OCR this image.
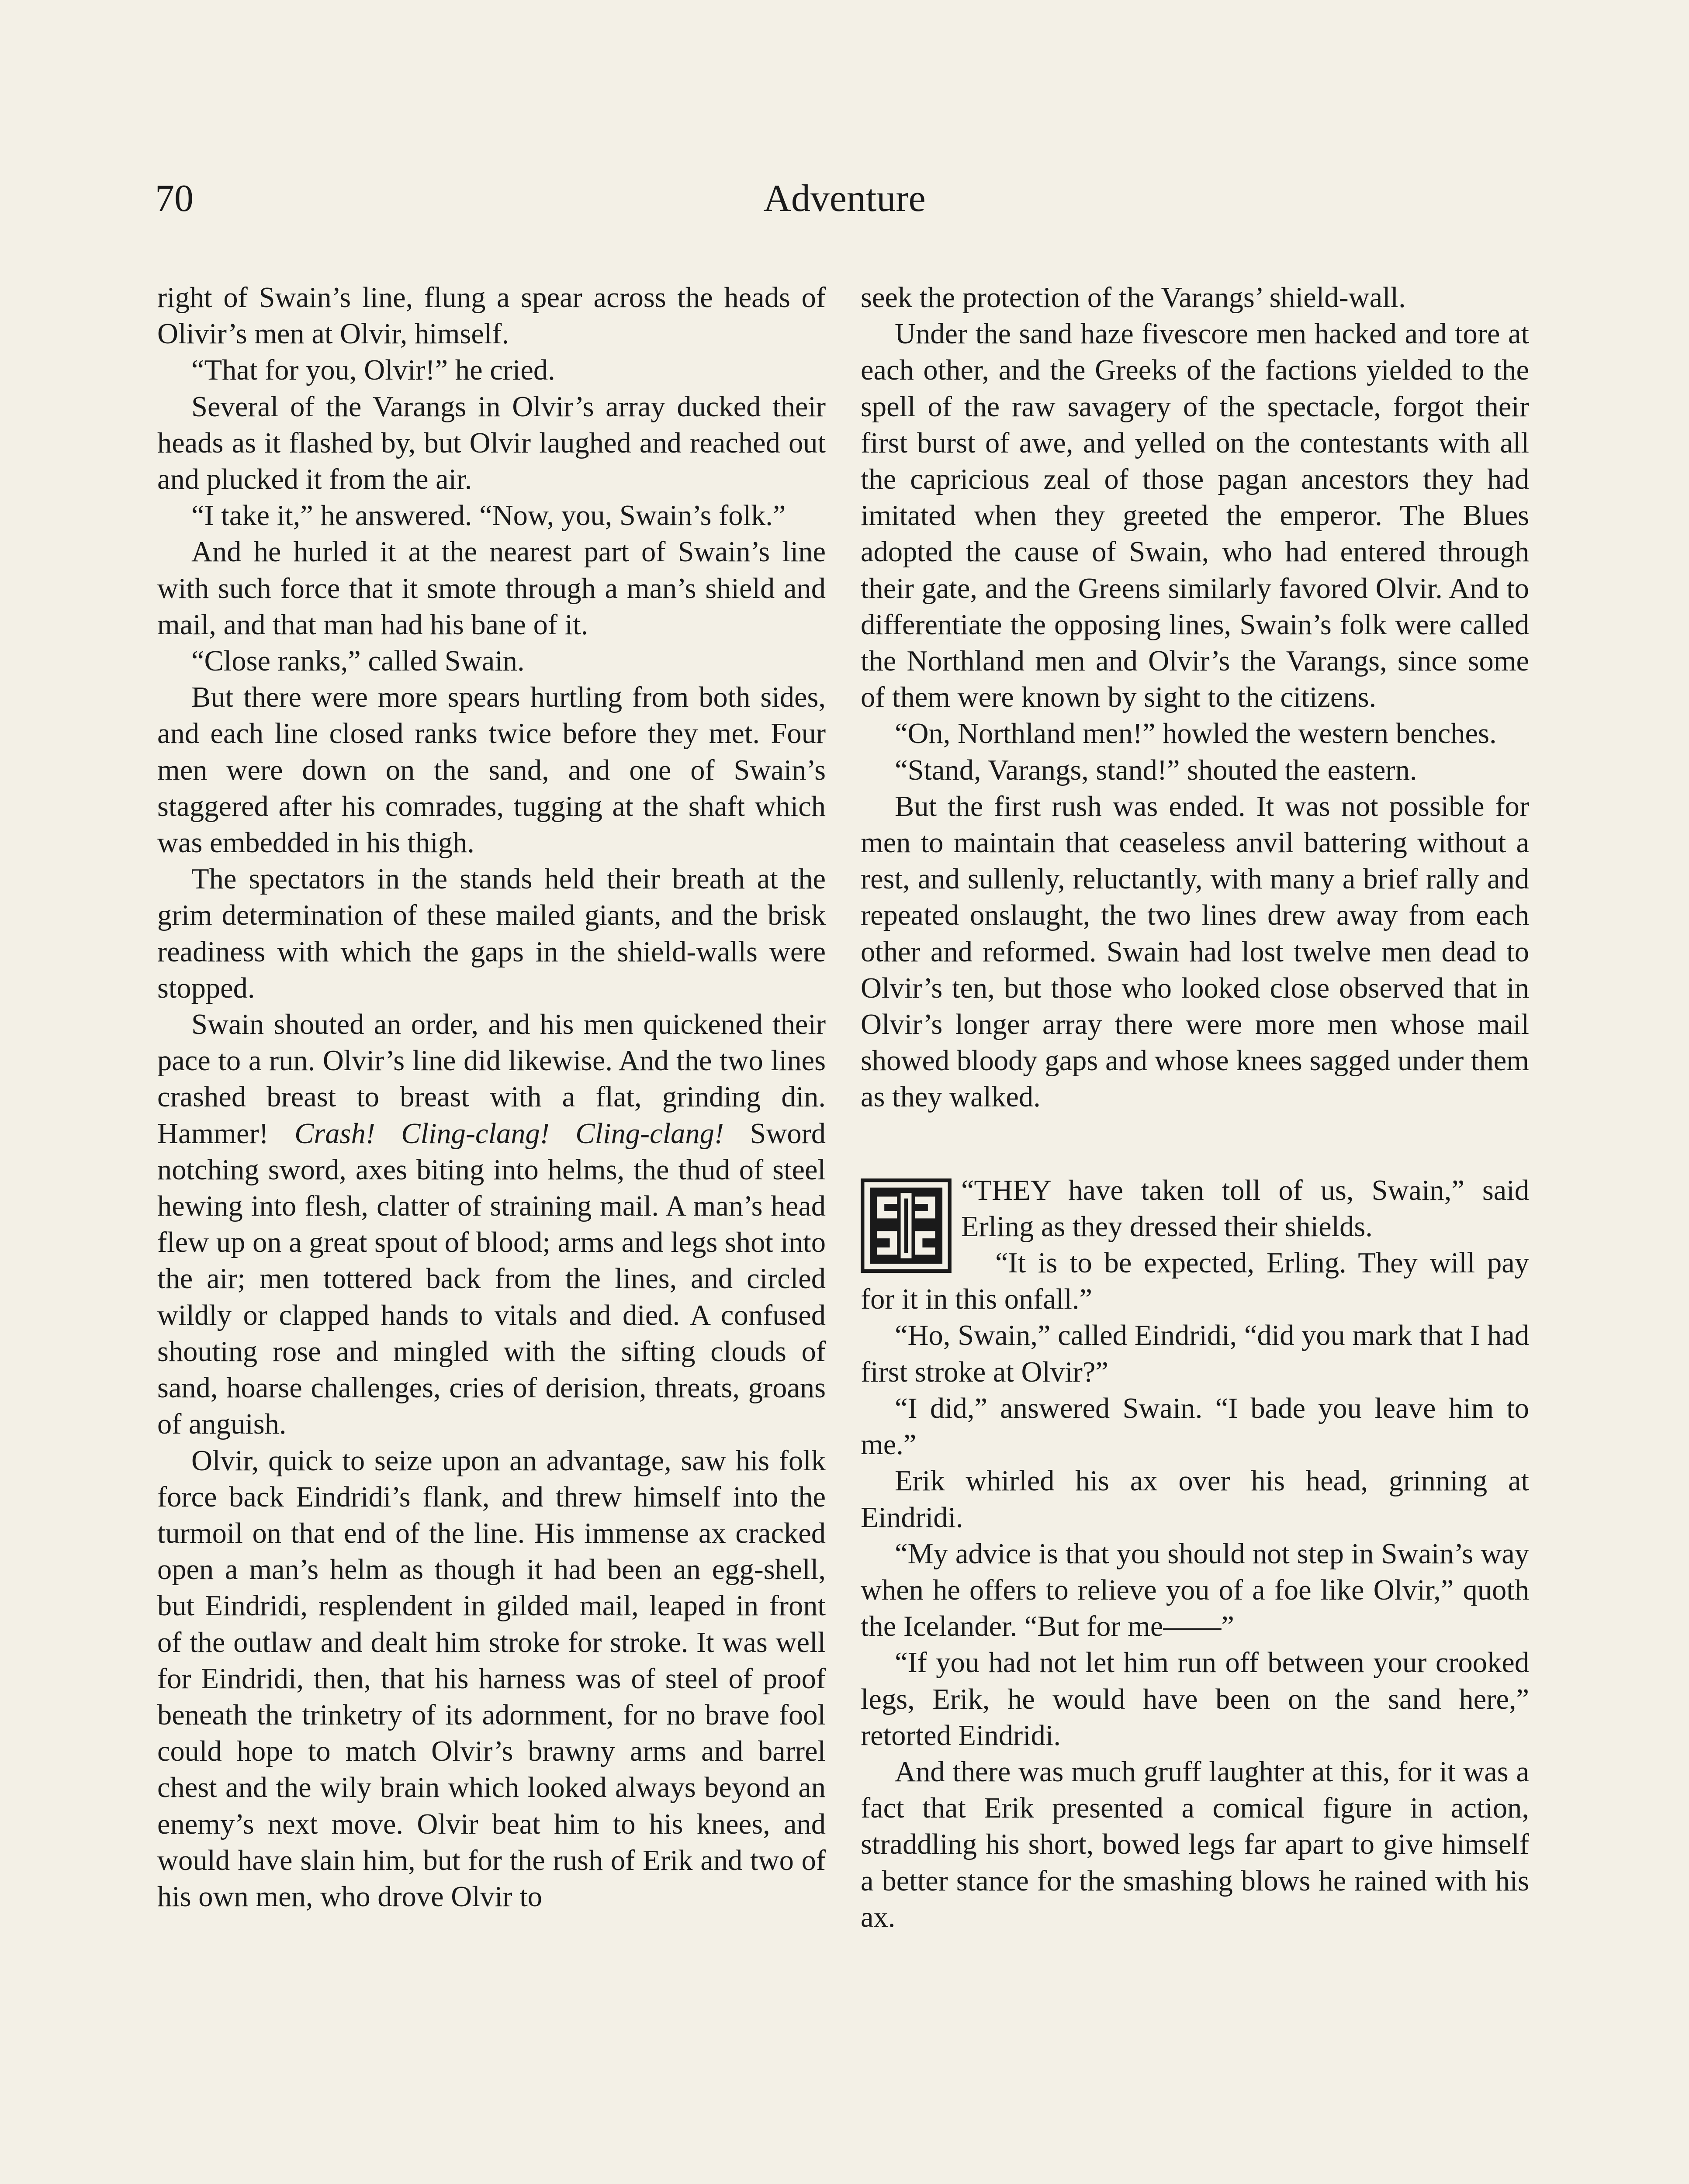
70	Adventure

right of Swain’s line, flung a spear across the heads of Olivir’s men at Olvir, himself.

“That for you, Olvir!” he cried.

Several of the Varangs in Olvir’s array ducked their heads as it flashed by, but Olvir laughed and reached out and plucked it from the air.

“I take it,” he answered. “Now, you, Swain’s folk.”

And he hurled it at the nearest part of Swain’s line with such force that it smote through a man’s shield and mail, and that man had his bane of it.

“Close ranks,” called Swain.

But there were more spears hurtling from both sides, and each line closed ranks twice before they met. Four men were down on the sand, and one of Swain’s staggered after his comrades, tugging at the shaft which was embedded in his thigh.

The spectators in the stands held their breath at the grim determination of these mailed giants, and the brisk readiness with which the gaps in the shield-walls were stopped.

Swain shouted an order, and his men quickened their pace to a run. Olvir’s line did likewise. And the two lines crashed breast to breast with a flat, grinding din. Hammer! Crash! Cling-clang! Cling-clang! Sword notching sword, axes biting into helms, the thud of steel hewing into flesh, clatter of straining mail. A man’s head flew up on a great spout of blood; arms and legs shot into the air; men tottered back from the lines, and circled wildly or clapped hands to vitals and died. A confused shouting rose and mingled with the sifting clouds of sand, hoarse challenges, cries of derision, threats, groans of anguish.

Olvir, quick to seize upon an advantage, saw his folk force back Eindridi’s flank, and threw himself into the turmoil on that end of the line. His immense ax cracked open a man’s helm as though it had been an egg-shell, but Eindridi, resplendent in gilded mail, leaped in front of the outlaw and dealt him stroke for stroke. It was well for Eindridi, then, that his harness was of steel of proof beneath the trinketry of its adornment, for no brave fool could hope to match Olvir’s brawny arms and barrel chest and the wily brain which looked always beyond an enemy’s next move. Olvir beat him to his knees, and would have slain him, but for the rush of Erik and two of his own men, who drove Olvir to

seek the protection of the Varangs’ shield-wall.

Under the sand haze fivescore men hacked and tore at each other, and the Greeks of the factions yielded to the spell of the raw savagery of the spectacle, forgot their first burst of awe, and yelled on the contestants with all the capricious zeal of those pagan ancestors they had imitated when they greeted the emperor. The Blues adopted the cause of Swain, who had entered through their gate, and the Greens similarly favored Olvir. And to differentiate the opposing lines, Swain’s folk were called the Northland men and Olvir’s the Varangs, since some of them were known by sight to the citizens.

“On, Northland men!” howled the western benches.

“Stand, Varangs, stand!” shouted the eastern.

But the first rush was ended. It was not possible for men to maintain that ceaseless anvil battering without a rest, and sullenly, reluctantly, with many a brief rally and repeated onslaught, the two lines drew away from each other and reformed. Swain had lost twelve men dead to Olvir’s ten, but those who looked close observed that in Olvir’s longer array there were more men whose mail showed bloody gaps and whose knees sagged under them as they walked.

“THEY have taken toll of us, Swain,” said Erling as they dressed their shields.

“It is to be expected, Erling. They will pay for it in this onfall.”

“Ho, Swain,” called Eindridi, “did you mark that I had first stroke at Olvir?”

“I did,” answered Swain. “I bade you leave him to me.”

Erik whirled his ax over his head, grinning at Eindridi.

“My advice is that you should not step in Swain’s way when he offers to relieve you of a foe like Olvir,” quoth the Icelander. “But for me——”

“If you had not let him run off between your crooked legs, Erik, he would have been on the sand here,” retorted Eindridi.

And there was much gruff laughter at this, for it was a fact that Erik presented a comical figure in action, straddling his short, bowed legs far apart to give himself a better stance for the smashing blows he rained with his ax.
